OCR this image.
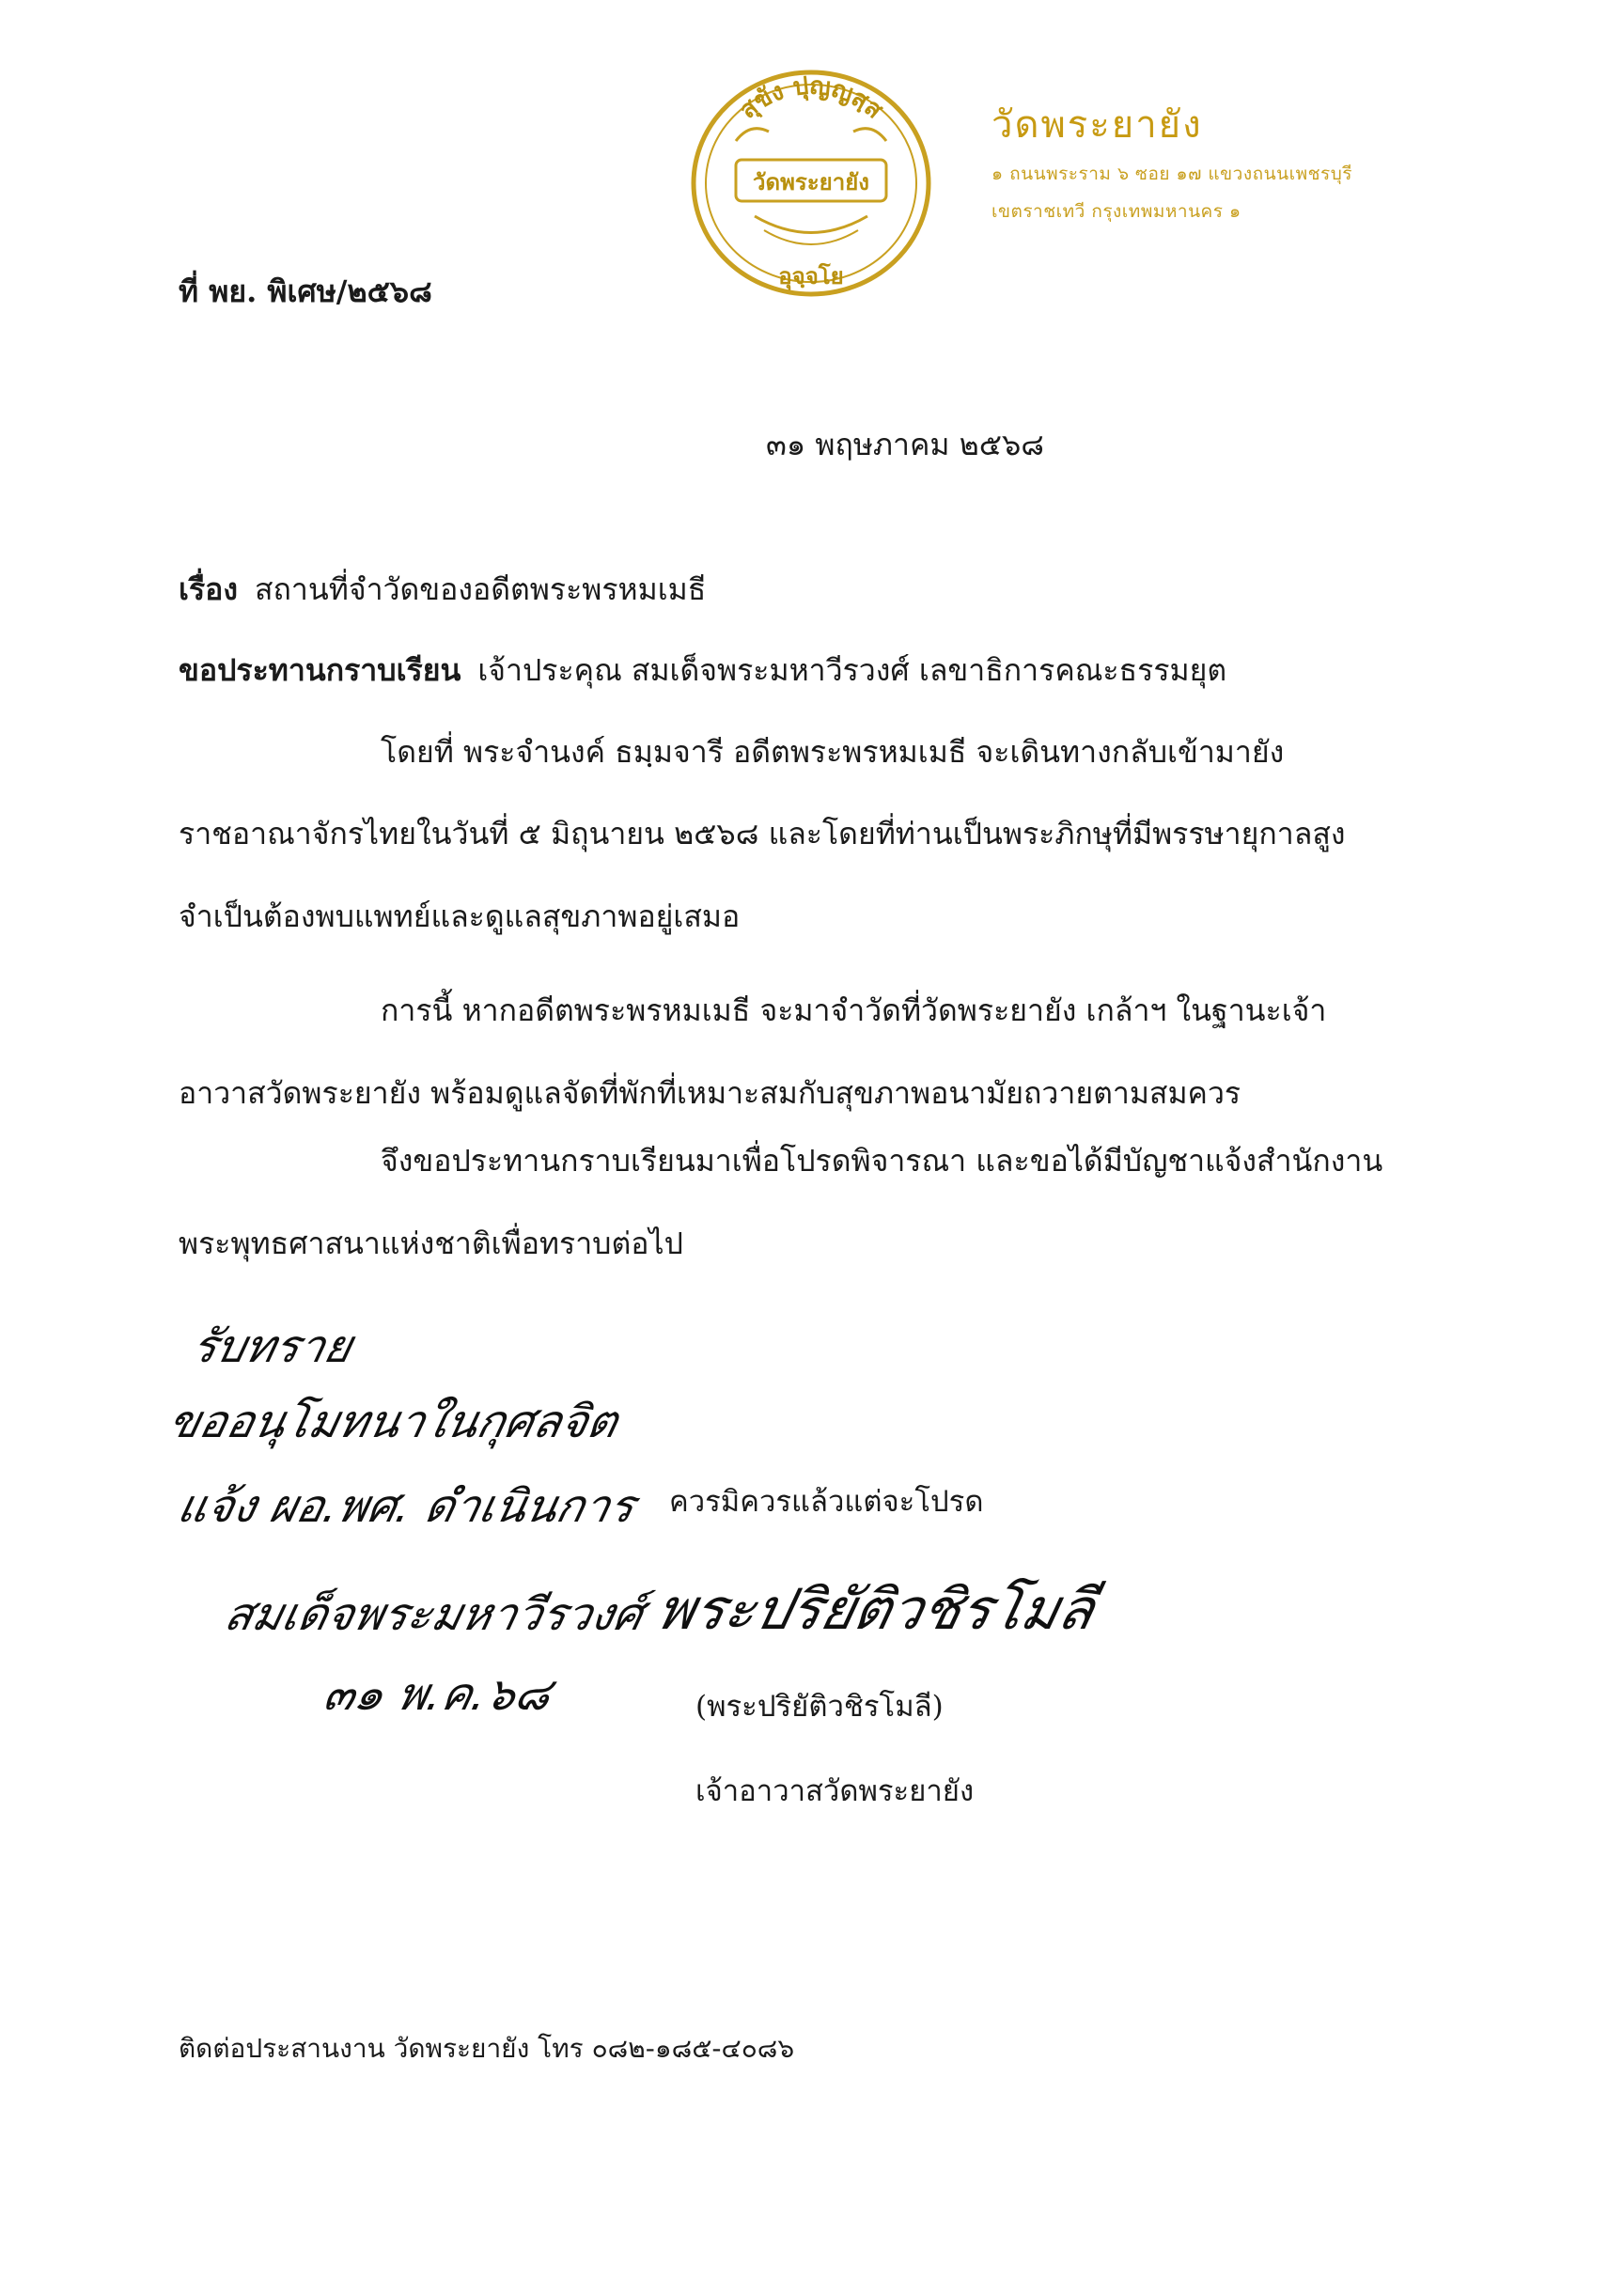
สุขัง ปุญญสฺส
วัดพระยายัง
อุจฺจโย
วัดพระยายัง
๑ ถนนพระราม ๖ ซอย ๑๗ แขวงถนนเพชรบุรี
เขตราชเทวี กรุงเทพมหานคร ๑
ที่ พย. พิเศษ/๒๕๖๘
๓๑ พฤษภาคม ๒๕๖๘
เรื่อง สถานที่จำวัดของอดีตพระพรหมเมธี
ขอประทานกราบเรียน เจ้าประคุณ สมเด็จพระมหาวีรวงศ์ เลขาธิการคณะธรรมยุต
โดยที่ พระจำนงค์ ธมฺมจารี อดีตพระพรหมเมธี จะเดินทางกลับเข้ามายัง
ราชอาณาจักรไทยในวันที่ ๕ มิถุนายน ๒๕๖๘ และโดยที่ท่านเป็นพระภิกษุที่มีพรรษายุกาลสูง
จำเป็นต้องพบแพทย์และดูแลสุขภาพอยู่เสมอ
การนี้ หากอดีตพระพรหมเมธี จะมาจำวัดที่วัดพระยายัง เกล้าฯ ในฐานะเจ้า
อาวาสวัดพระยายัง พร้อมดูแลจัดที่พักที่เหมาะสมกับสุขภาพอนามัยถวายตามสมควร
จึงขอประทานกราบเรียนมาเพื่อโปรดพิจารณา และขอได้มีบัญชาแจ้งสำนักงาน
พระพุทธศาสนาแห่งชาติเพื่อทราบต่อไป
รับทราย
ขออนุโมทนาในกุศลจิต
แจ้ง ผอ.พศ. ดำเนินการ
สมเด็จพระมหาวีรวงศ์
๓๑ พ.ค.๖๘
ควรมิควรแล้วแต่จะโปรด
พระปริยัติวชิรโมลี
(พระปริยัติวชิรโมลี)
เจ้าอาวาสวัดพระยายัง
ติดต่อประสานงาน วัดพระยายัง โทร ๐๘๒-๑๘๕-๔๐๘๖
